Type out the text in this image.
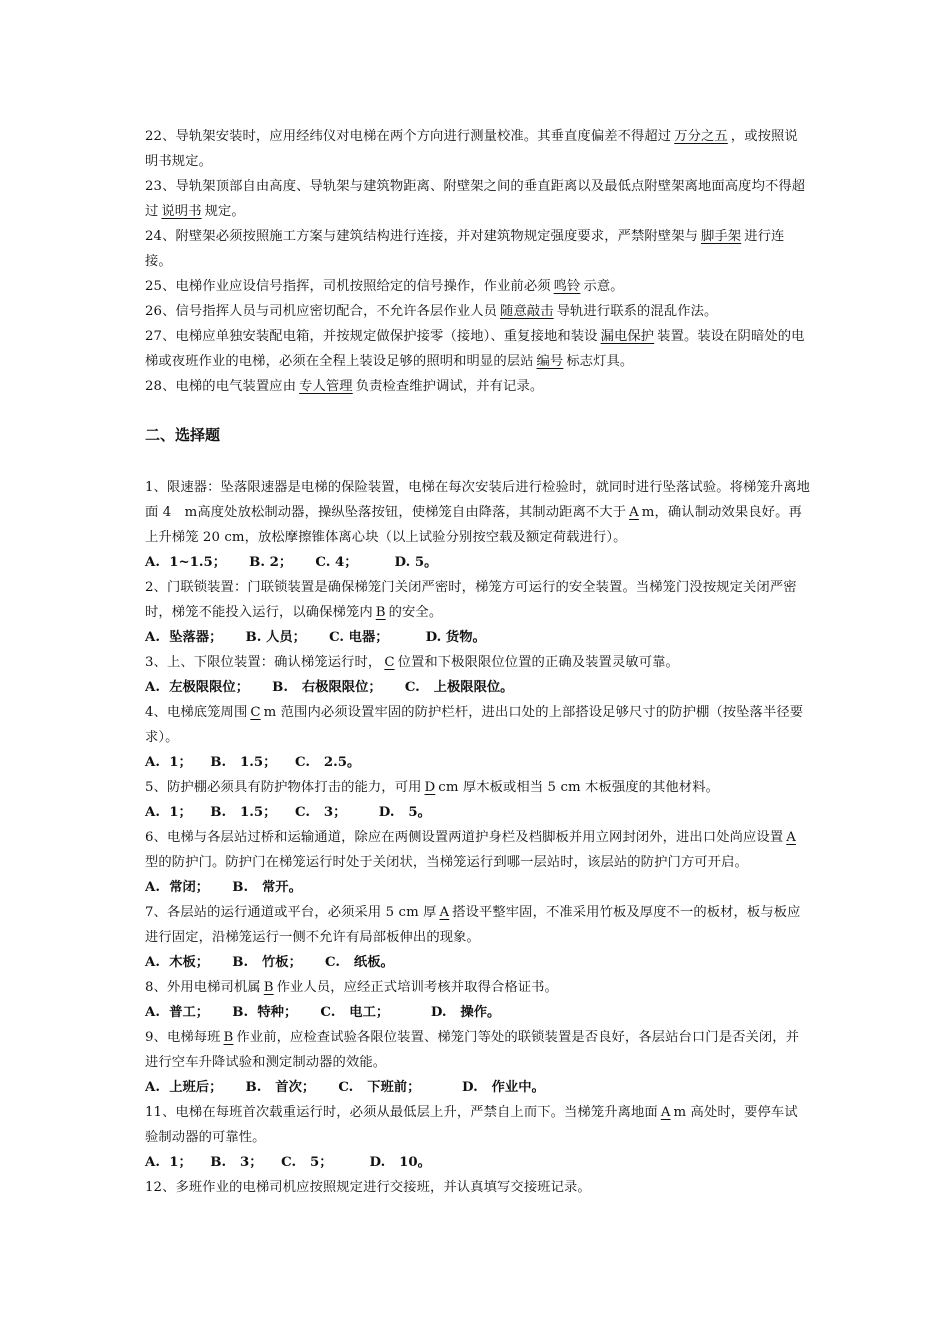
22、导轨架安装时，应用经纬仪对电梯在两个方向进行测量校准。其垂直度偏差不得超过 万分之五 ，或按照说明书规定。

23、导轨架顶部自由高度、导轨架与建筑物距离、附壁架之间的垂直距离以及最低点附壁架离地面高度均不得超过 说明书 规定。

24、附壁架必须按照施工方案与建筑结构进行连接，并对建筑物规定强度要求，严禁附壁架与 脚手架 进行连接。

25、电梯作业应设信号指挥，司机按照给定的信号操作，作业前必须 鸣铃 示意。

26、信号指挥人员与司机应密切配合，不允许各层作业人员 随意敲击 导轨进行联系的混乱作法。

27、电梯应单独安装配电箱，并按规定做保护接零（接地）、重复接地和装设 漏电保护 装置。装设在阴暗处的电梯或夜班作业的电梯，必须在全程上装设足够的照明和明显的层站 编号 标志灯具。

28、电梯的电气装置应由 专人管理 负责检查维护调试，并有记录。

二、选择题

1、限速器：坠落限速器是电梯的保险装置，电梯在每次安装后进行检验时，就同时进行坠落试验。将梯笼升离地面 4　m高度处放松制动器，操纵坠落按钮，使梯笼自由降落，其制动距离不大于 A m，确认制动效果良好。再上升梯笼 20 cm，放松摩擦锥体离心块（以上试验分别按空载及额定荷载进行）。

A.  1~1.5；     B. 2；     C. 4；        D. 5。

2、门联锁装置：门联锁装置是确保梯笼门关闭严密时，梯笼方可运行的安全装置。当梯笼门没按规定关闭严密时，梯笼不能投入运行，以确保梯笼内 B 的安全。

A.  坠落器；     B. 人员；     C. 电器；        D. 货物。

3、上、下限位装置：确认梯笼运行时， C 位置和下极限限位位置的正确及装置灵敏可靠。

A.  左极限限位；     B.   右极限限位；     C.   上极限限位。

4、电梯底笼周围 C m 范围内必须设置牢固的防护栏杆，进出口处的上部搭设足够尺寸的防护棚（按坠落半径要求）。

A.  1；    B.   1.5；    C.   2.5。

5、防护棚必须具有防护物体打击的能力，可用 D cm 厚木板或相当 5 cm 木板强度的其他材料。

A.  1；    B.   1.5；    C.   3；       D.   5。

6、电梯与各层站过桥和运输通道，除应在两侧设置两道护身栏及档脚板并用立网封闭外，进出口处尚应设置 A型的防护门。防护门在梯笼运行时处于关闭状，当梯笼运行到哪一层站时，该层站的防护门方可开启。

A.  常闭；     B.   常开。

7、各层站的运行通道或平台，必须采用 5 cm 厚 A 搭设平整牢固，不准采用竹板及厚度不一的板材，板与板应进行固定，沿梯笼运行一侧不允许有局部板伸出的现象。

A.  木板；     B.   竹板；     C.   纸板。

8、外用电梯司机属 B 作业人员，应经正式培训考核并取得合格证书。

A.  普工；     B.  特种；     C.   电工；         D.   操作。

9、电梯每班 B 作业前，应检查试验各限位装置、梯笼门等处的联锁装置是否良好，各层站台口门是否关闭，并进行空车升降试验和测定制动器的效能。

A.  上班后；     B.   首次；     C.   下班前；         D.   作业中。

11、电梯在每班首次载重运行时，必须从最低层上升，严禁自上而下。当梯笼升离地面 A m 高处时，要停车试验制动器的可靠性。

A.  1；    B.   3；    C.   5；        D.   10。

12、多班作业的电梯司机应按照规定进行交接班，并认真填写交接班记录。
